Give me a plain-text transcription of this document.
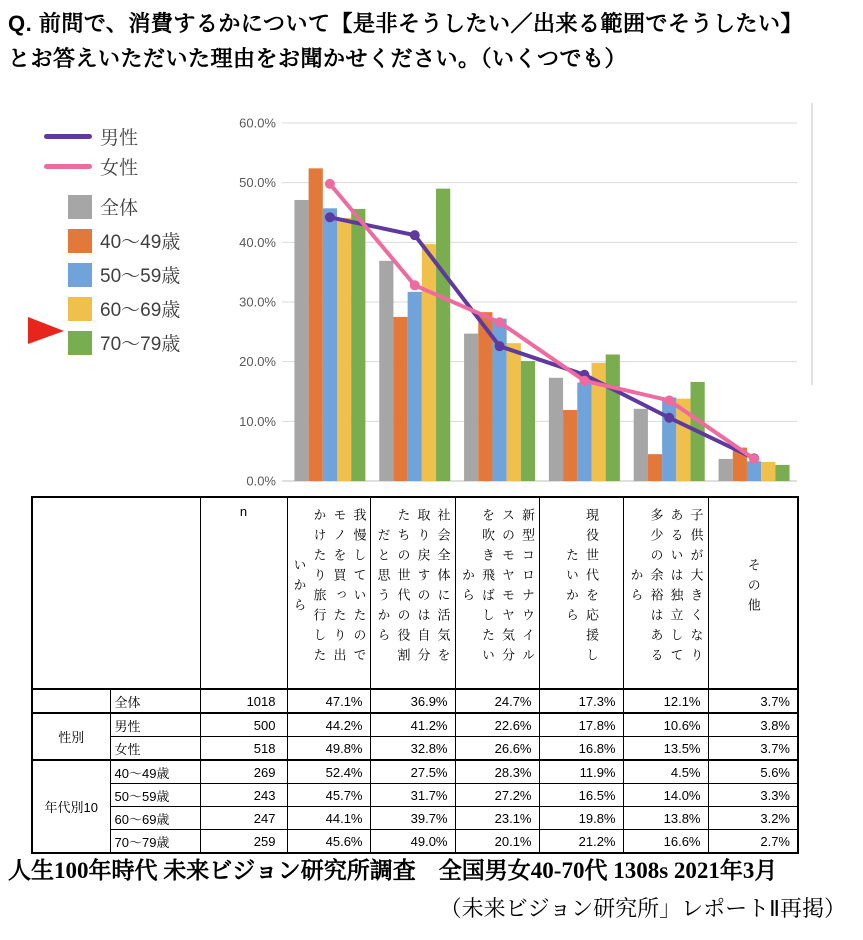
Q. 前問で、消費するかについて【是非そうしたい／出来る範囲でそうしたい】
とお答えいただいた理由をお聞かせください。（いくつでも）
男性
女性
全体
40～49歳
50～59歳
60～69歳
70～79歳
0.0%
10.0%
20.0%
30.0%
40.0%
50.0%
60.0%
		n	我慢していたのでモノを買ったり出かけたり旅行したいから	社会全体に活気を取り戻すのは自分たちの世代の役割だと思うから	新型コロナウイルスのモヤモヤ気分を吹き飛ばしたいから	現役世代を応援したいから	子供が大きくなりあるいは独立して多少の余裕はあるから	その他

	全体	1018	47.1%	36.9%	24.7%	17.3%	12.1%	3.7%
性別	男性	500	44.2%	41.2%	22.6%	17.8%	10.6%	3.8%
	女性	518	49.8%	32.8%	26.6%	16.8%	13.5%	3.7%
年代別10	40～49歳	269	52.4%	27.5%	28.3%	11.9%	4.5%	5.6%
	50～59歳	243	45.7%	31.7%	27.2%	16.5%	14.0%	3.3%
	60～69歳	247	44.1%	39.7%	23.1%	19.8%	13.8%	3.2%
	70～79歳	259	45.6%	49.0%	20.1%	21.2%	16.6%	2.7%
人生100年時代 未来ビジョン研究所調査　全国男女40-70代 1308s 2021年3月
（未来ビジョン研究所」レポートⅡ再掲）
